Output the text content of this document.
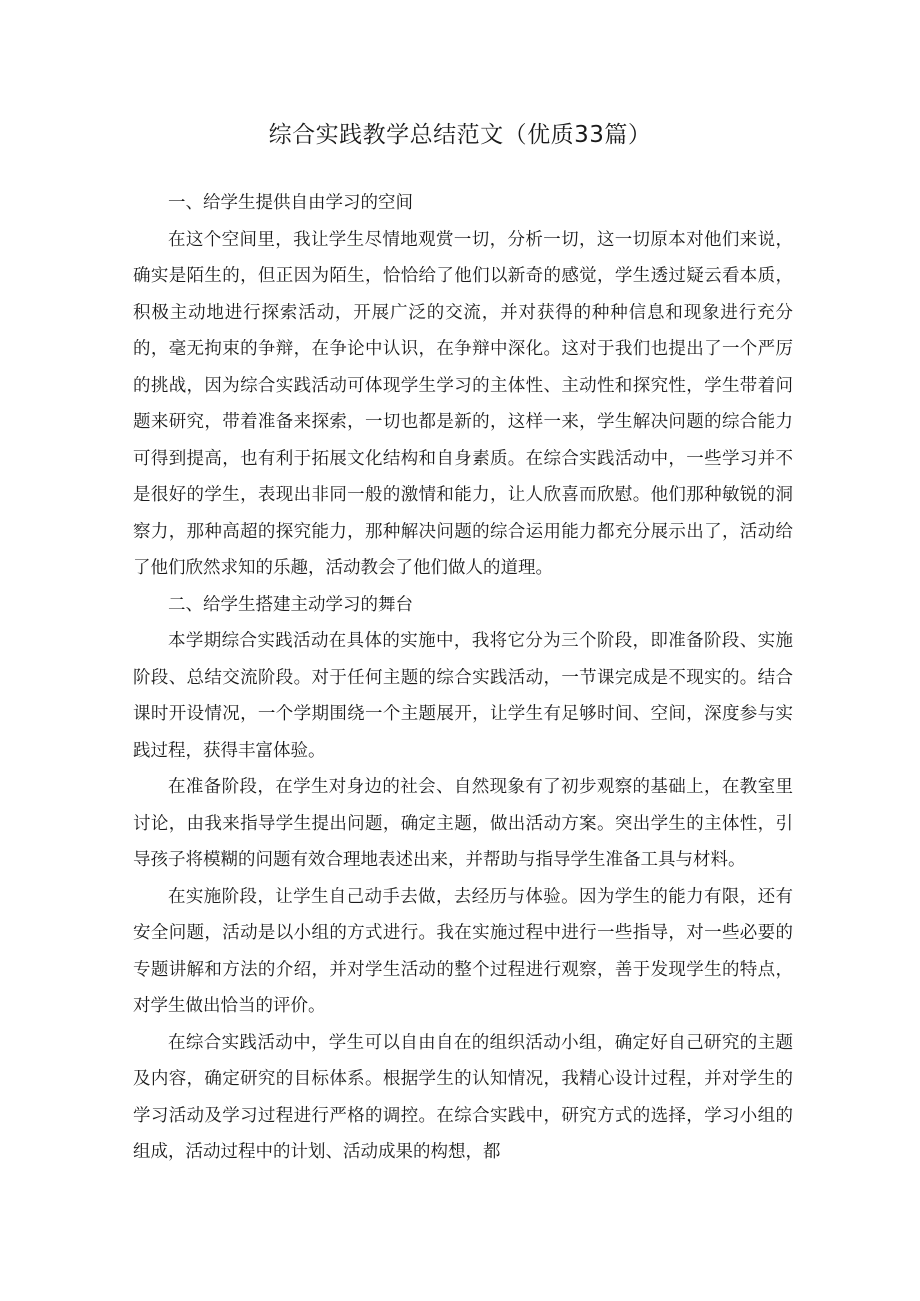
综合实践教学总结范文（优质33篇）

一、给学生提供自由学习的空间

在这个空间里，我让学生尽情地观赏一切，分析一切，这一切原本对他们来说，确实是陌生的，但正因为陌生，恰恰给了他们以新奇的感觉，学生透过疑云看本质，积极主动地进行探索活动，开展广泛的交流，并对获得的种种信息和现象进行充分的，毫无拘束的争辩，在争论中认识，在争辩中深化。这对于我们也提出了一个严厉的挑战，因为综合实践活动可体现学生学习的主体性、主动性和探究性，学生带着问题来研究，带着准备来探索，一切也都是新的，这样一来，学生解决问题的综合能力可得到提高，也有利于拓展文化结构和自身素质。在综合实践活动中，一些学习并不是很好的学生，表现出非同一般的激情和能力，让人欣喜而欣慰。他们那种敏锐的洞察力，那种高超的探究能力，那种解决问题的综合运用能力都充分展示出了，活动给了他们欣然求知的乐趣，活动教会了他们做人的道理。

二、给学生搭建主动学习的舞台

本学期综合实践活动在具体的实施中，我将它分为三个阶段，即准备阶段、实施阶段、总结交流阶段。对于任何主题的综合实践活动，一节课完成是不现实的。结合课时开设情况，一个学期围绕一个主题展开，让学生有足够时间、空间，深度参与实践过程，获得丰富体验。

在准备阶段，在学生对身边的社会、自然现象有了初步观察的基础上，在教室里讨论，由我来指导学生提出问题，确定主题，做出活动方案。突出学生的主体性，引导孩子将模糊的问题有效合理地表述出来，并帮助与指导学生准备工具与材料。

在实施阶段，让学生自己动手去做，去经历与体验。因为学生的能力有限，还有安全问题，活动是以小组的方式进行。我在实施过程中进行一些指导，对一些必要的专题讲解和方法的介绍，并对学生活动的整个过程进行观察，善于发现学生的特点，对学生做出恰当的评价。

在综合实践活动中，学生可以自由自在的组织活动小组，确定好自己研究的主题及内容，确定研究的目标体系。根据学生的认知情况，我精心设计过程，并对学生的学习活动及学习过程进行严格的调控。在综合实践中，研究方式的选择，学习小组的组成，活动过程中的计划、活动成果的构想，都
